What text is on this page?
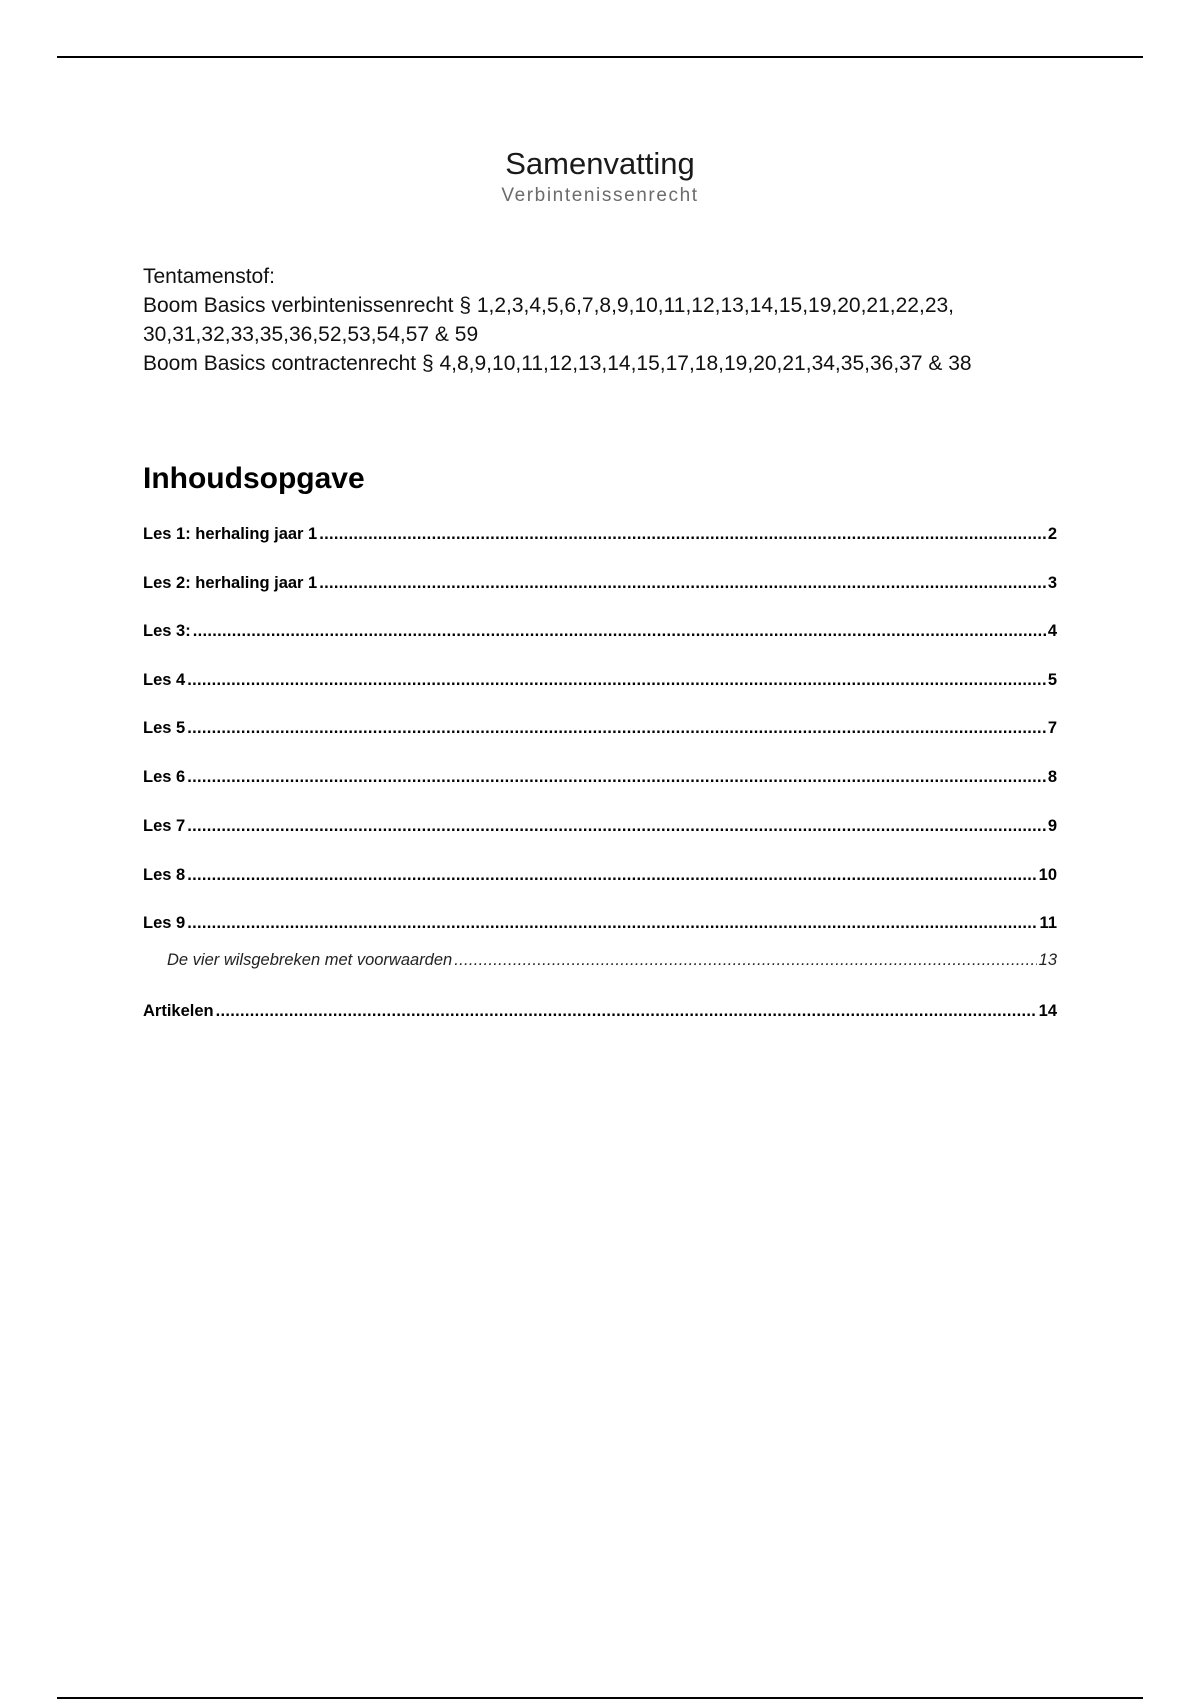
Samenvatting
Verbintenissenrecht
Tentamenstof:
Boom Basics verbintenissenrecht § 1,2,3,4,5,6,7,8,9,10,11,12,13,14,15,19,20,21,22,23,
30,31,32,33,35,36,52,53,54,57 & 59
Boom Basics contractenrecht § 4,8,9,10,11,12,13,14,15,17,18,19,20,21,34,35,36,37 & 38
Inhoudsopgave
Les 1: herhaling jaar 1 .....	2
Les 2: herhaling jaar 1 .....	3
Les 3: .....	4
Les 4 .....	5
Les 5 .....	7
Les 6 .....	8
Les 7 .....	9
Les 8 .....	10
Les 9 .....	11
De vier wilsgebreken met voorwaarden .....	13
Artikelen .....	14
